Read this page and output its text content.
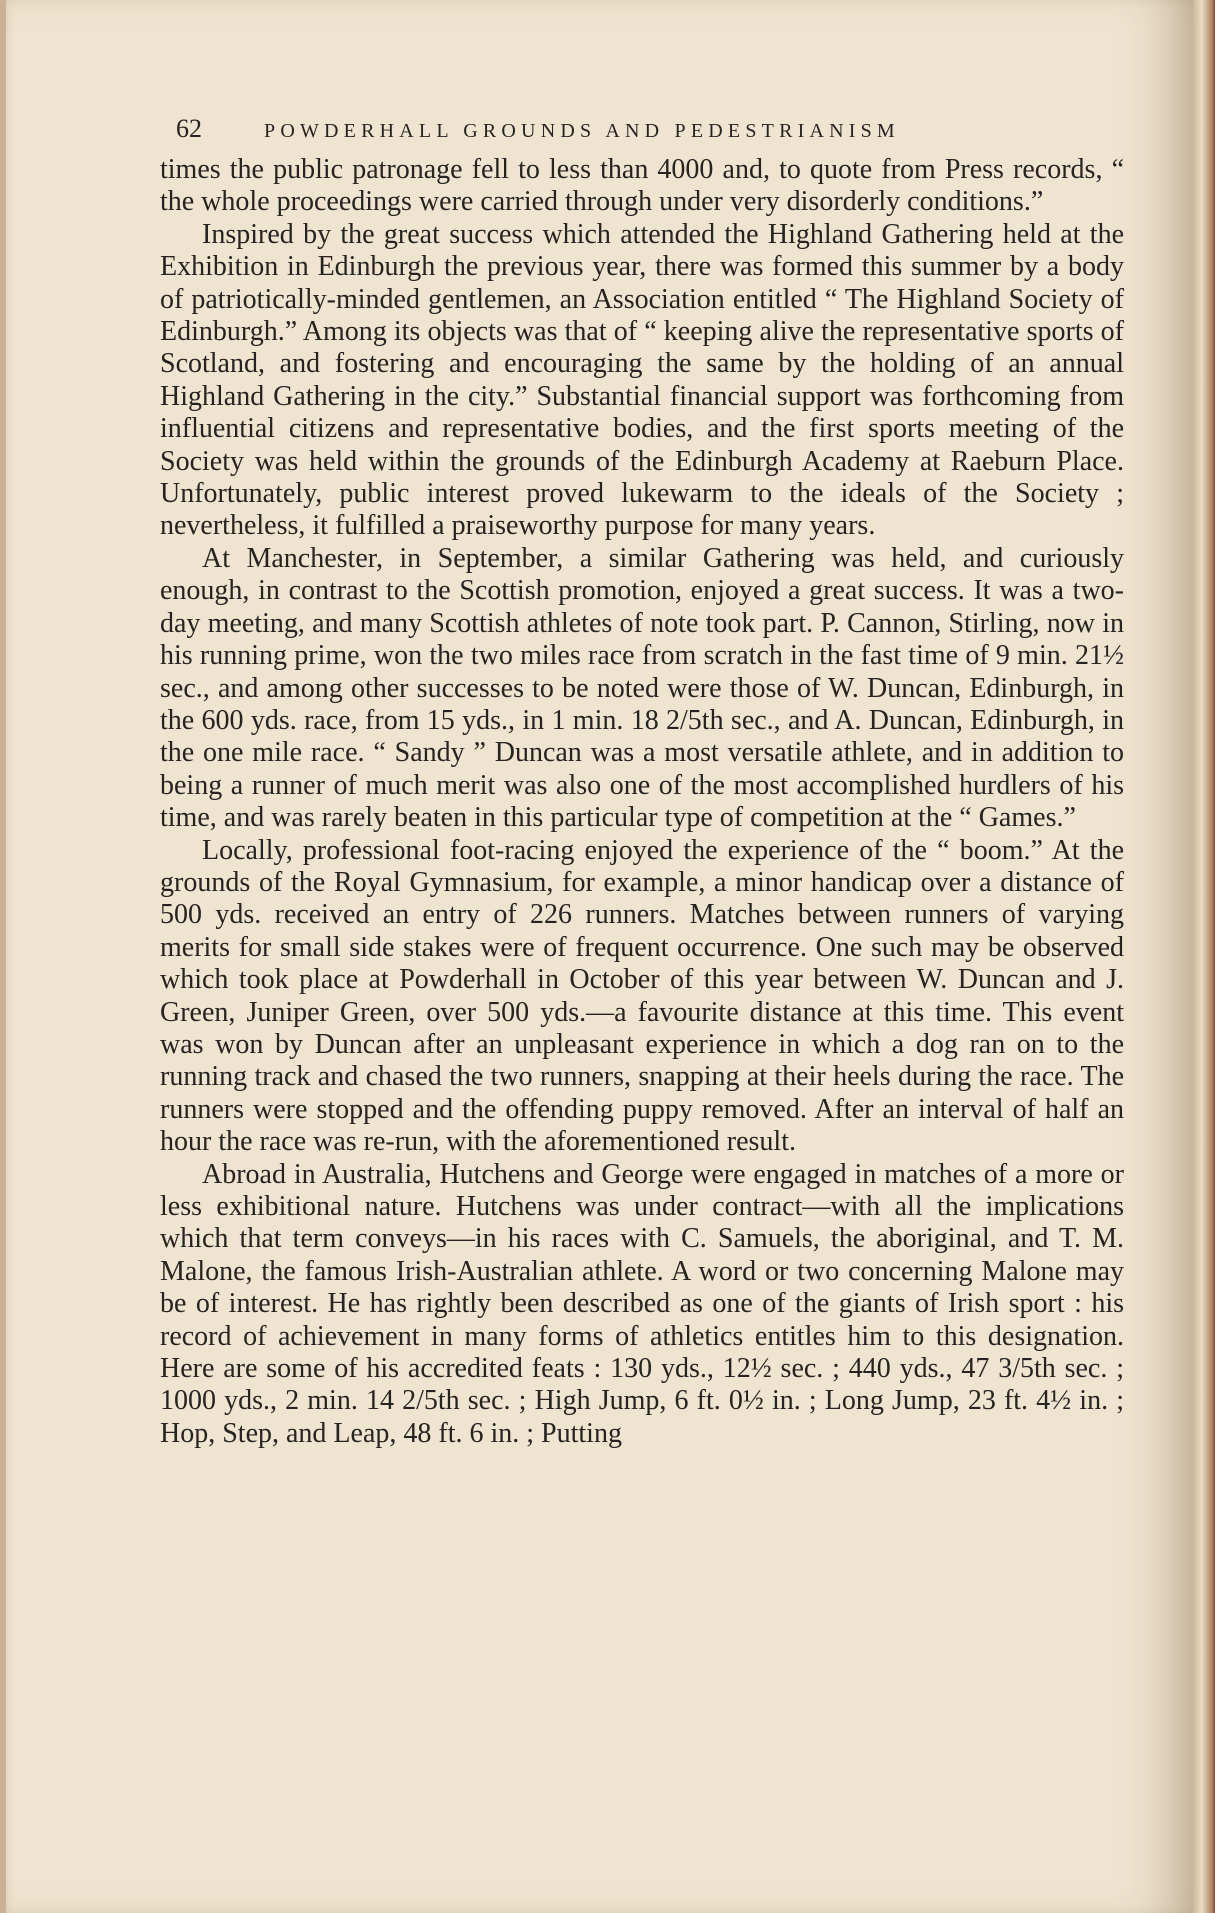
62	POWDERHALL GROUNDS AND PEDESTRIANISM

times the public patronage fell to less than 4000 and, to quote from Press records, “ the whole proceedings were carried through under very disorderly conditions.”

Inspired by the great success which attended the Highland Gathering held at the Exhibition in Edinburgh the previous year, there was formed this summer by a body of patriotically-minded gentlemen, an Association entitled “ The Highland Society of Edinburgh.” Among its objects was that of “ keeping alive the representative sports of Scotland, and fostering and encouraging the same by the holding of an annual Highland Gathering in the city.” Substantial financial support was forthcoming from influential citizens and representative bodies, and the first sports meeting of the Society was held within the grounds of the Edinburgh Academy at Raeburn Place. Unfortunately, public interest proved lukewarm to the ideals of the Society ; nevertheless, it fulfilled a praiseworthy purpose for many years.

At Manchester, in September, a similar Gathering was held, and curiously enough, in contrast to the Scottish promotion, enjoyed a great success. It was a two-day meeting, and many Scottish athletes of note took part. P. Cannon, Stirling, now in his running prime, won the two miles race from scratch in the fast time of 9 min. 21½ sec., and among other successes to be noted were those of W. Duncan, Edinburgh, in the 600 yds. race, from 15 yds., in 1 min. 18 2/5th sec., and A. Duncan, Edinburgh, in the one mile race. “ Sandy ” Duncan was a most versatile athlete, and in addition to being a runner of much merit was also one of the most accomplished hurdlers of his time, and was rarely beaten in this particular type of competition at the “ Games.”

Locally, professional foot-racing enjoyed the experience of the “ boom.” At the grounds of the Royal Gymnasium, for example, a minor handicap over a distance of 500 yds. received an entry of 226 runners. Matches between runners of varying merits for small side stakes were of frequent occurrence. One such may be observed which took place at Powderhall in October of this year between W. Duncan and J. Green, Juniper Green, over 500 yds.—a favourite distance at this time. This event was won by Duncan after an unpleasant experience in which a dog ran on to the running track and chased the two runners, snapping at their heels during the race. The runners were stopped and the offending puppy removed. After an interval of half an hour the race was re-run, with the aforementioned result.

Abroad in Australia, Hutchens and George were engaged in matches of a more or less exhibitional nature. Hutchens was under contract—with all the implications which that term conveys—in his races with C. Samuels, the aboriginal, and T. M. Malone, the famous Irish-Australian athlete. A word or two concerning Malone may be of interest. He has rightly been described as one of the giants of Irish sport : his record of achievement in many forms of athletics entitles him to this designation. Here are some of his accredited feats : 130 yds., 12½ sec. ; 440 yds., 47 3/5th sec. ; 1000 yds., 2 min. 14 2/5th sec. ; High Jump, 6 ft. 0½ in. ; Long Jump, 23 ft. 4½ in. ; Hop, Step, and Leap, 48 ft. 6 in. ; Putting
